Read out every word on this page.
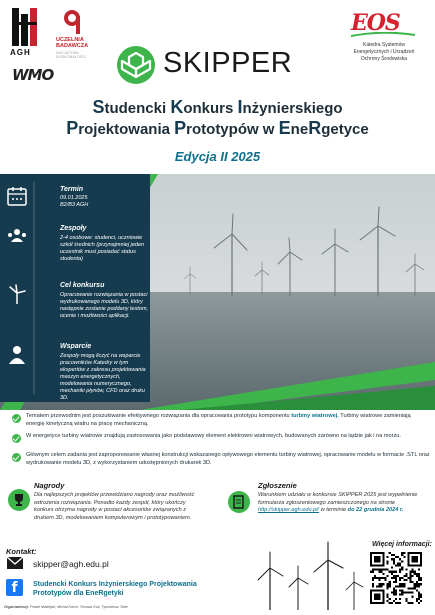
AGH
UCZELNIA
BADAWCZA
INICJATYWA DOSKONAŁOŚCI
WMO	SKIPPER
EOS
Katedra Systemów
Energetycznych i Urządzeń
Ochrony Środowiska
Studencki Konkurs Inżynierskiego
Projektowania Prototypów w EneRgetyce
Edycja II 2025
Termin
09.01.2025
B2/B3 AGH
Zespoły
2-4 osobowe: studenci, uczniowie szkół średnich (przynajmniej jeden uczestnik musi posiadać status studenta)
Cel konkursu
Opracowanie rozwiązania w postaci wydrukowanego modelu 3D, który następnie zostanie poddany testom, ocenie i możliwości aplikacji.
Wsparcie
Zespoły mogą liczyć na wsparcie pracowników Katedry w tym ekspertów z zakresu projektowania maszyn energetycznych, modelowania numerycznego, mechaniki płynów, CFD oraz druku 3D.
Tematem przewodnim jest poszukiwanie efektywnego rozwiązania dla opracowania prototypu komponentu turbiny wiatrowej. Turbiny wiatrowe zamieniają energię kinetyczną wiatru na pracę mechaniczną.
W energetyce turbiny wiatrowe znajdują zastosowania jako podstawowy element elektrowni wiatrowych, budowanych zarówno na lądzie jak i na morzu.
Głównym celem zadania jest zaproponowanie własnej konstrukcji wskazanego opływowego elementu turbiny wiatrowej, opracowanie modelu w formacie .STL oraz wydrukowanie modelu 3D, z wykorzystaniem udostępnionych drukarek 3D.
Nagrody
Dla najlepszych projektów przewidziano nagrody oraz możliwość wdrożenia rozwiązania. Ponadto każdy zespół, który ukończy konkurs otrzyma nagrody w postaci akcesoriów związanych z drukiem 3D, modelowaniem komputerowym i prototypowaniem.
Zgłoszenie
Warunkiem udziału w konkursie SKIPPER 2025 jest wypełnienie formularza zgłoszeniowego zamieszczonego na stronie http://skipper.agh.edu.pl/ w terminie do 22 grudnia 2024 r.
Kontakt:
skipper@agh.edu.pl
f	Studencki Konkurs Inżynierskiego Projektowania
Prototypów dla EneRgetyki
Więcej informacji:
Organizatorzy: Paweł Madejski, Michał Karch, Tomasz Kuś, Tymoteusz Tarłe
